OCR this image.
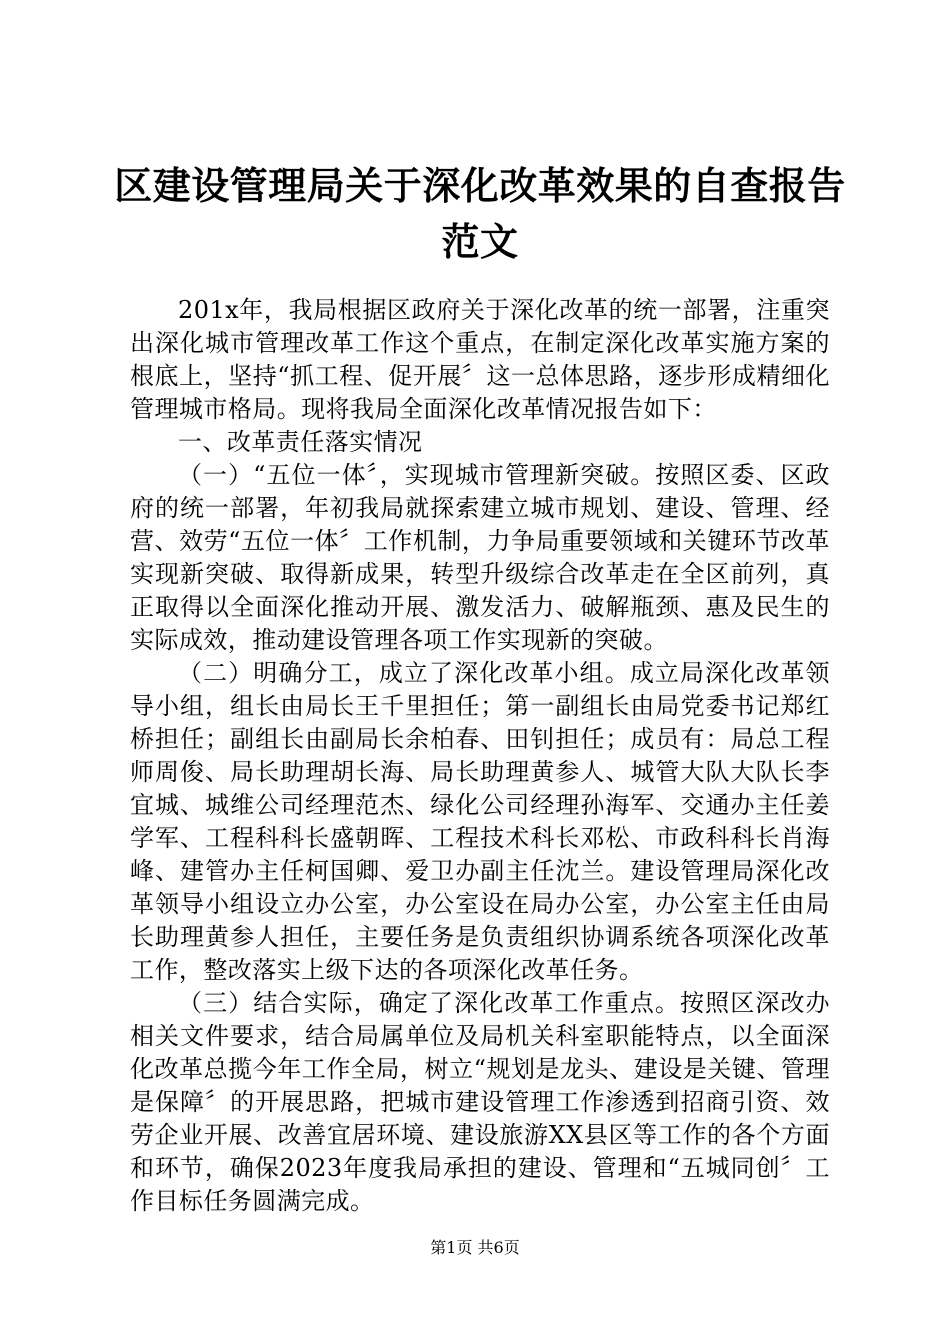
区建设管理局关于深化改革效果的自查报告范文

201x年，我局根据区政府关于深化改革的统一部署，注重突出深化城市管理改革工作这个重点，在制定深化改革实施方案的根底上，坚持“抓工程、促开展〞这一总体思路，逐步形成精细化管理城市格局。现将我局全面深化改革情况报告如下：

一、改革责任落实情况

（一）“五位一体〞，实现城市管理新突破。按照区委、区政府的统一部署，年初我局就探索建立城市规划、建设、管理、经营、效劳“五位一体〞工作机制，力争局重要领域和关键环节改革实现新突破、取得新成果，转型升级综合改革走在全区前列，真正取得以全面深化推动开展、激发活力、破解瓶颈、惠及民生的实际成效，推动建设管理各项工作实现新的突破。

（二）明确分工，成立了深化改革小组。成立局深化改革领导小组，组长由局长王千里担任；第一副组长由局党委书记郑红桥担任；副组长由副局长余柏春、田钊担任；成员有：局总工程师周俊、局长助理胡长海、局长助理黄参人、城管大队大队长李宜城、城维公司经理范杰、绿化公司经理孙海军、交通办主任姜学军、工程科科长盛朝晖、工程技术科长邓松、市政科科长肖海峰、建管办主任柯国卿、爱卫办副主任沈兰。建设管理局深化改革领导小组设立办公室，办公室设在局办公室，办公室主任由局长助理黄参人担任，主要任务是负责组织协调系统各项深化改革工作，整改落实上级下达的各项深化改革任务。

（三）结合实际，确定了深化改革工作重点。按照区深改办相关文件要求，结合局属单位及局机关科室职能特点，以全面深化改革总揽今年工作全局，树立“规划是龙头、建设是关键、管理是保障〞的开展思路，把城市建设管理工作渗透到招商引资、效劳企业开展、改善宜居环境、建设旅游XX县区等工作的各个方面和环节，确保2023年度我局承担的建设、管理和“五城同创〞工作目标任务圆满完成。

第1页 共6页
